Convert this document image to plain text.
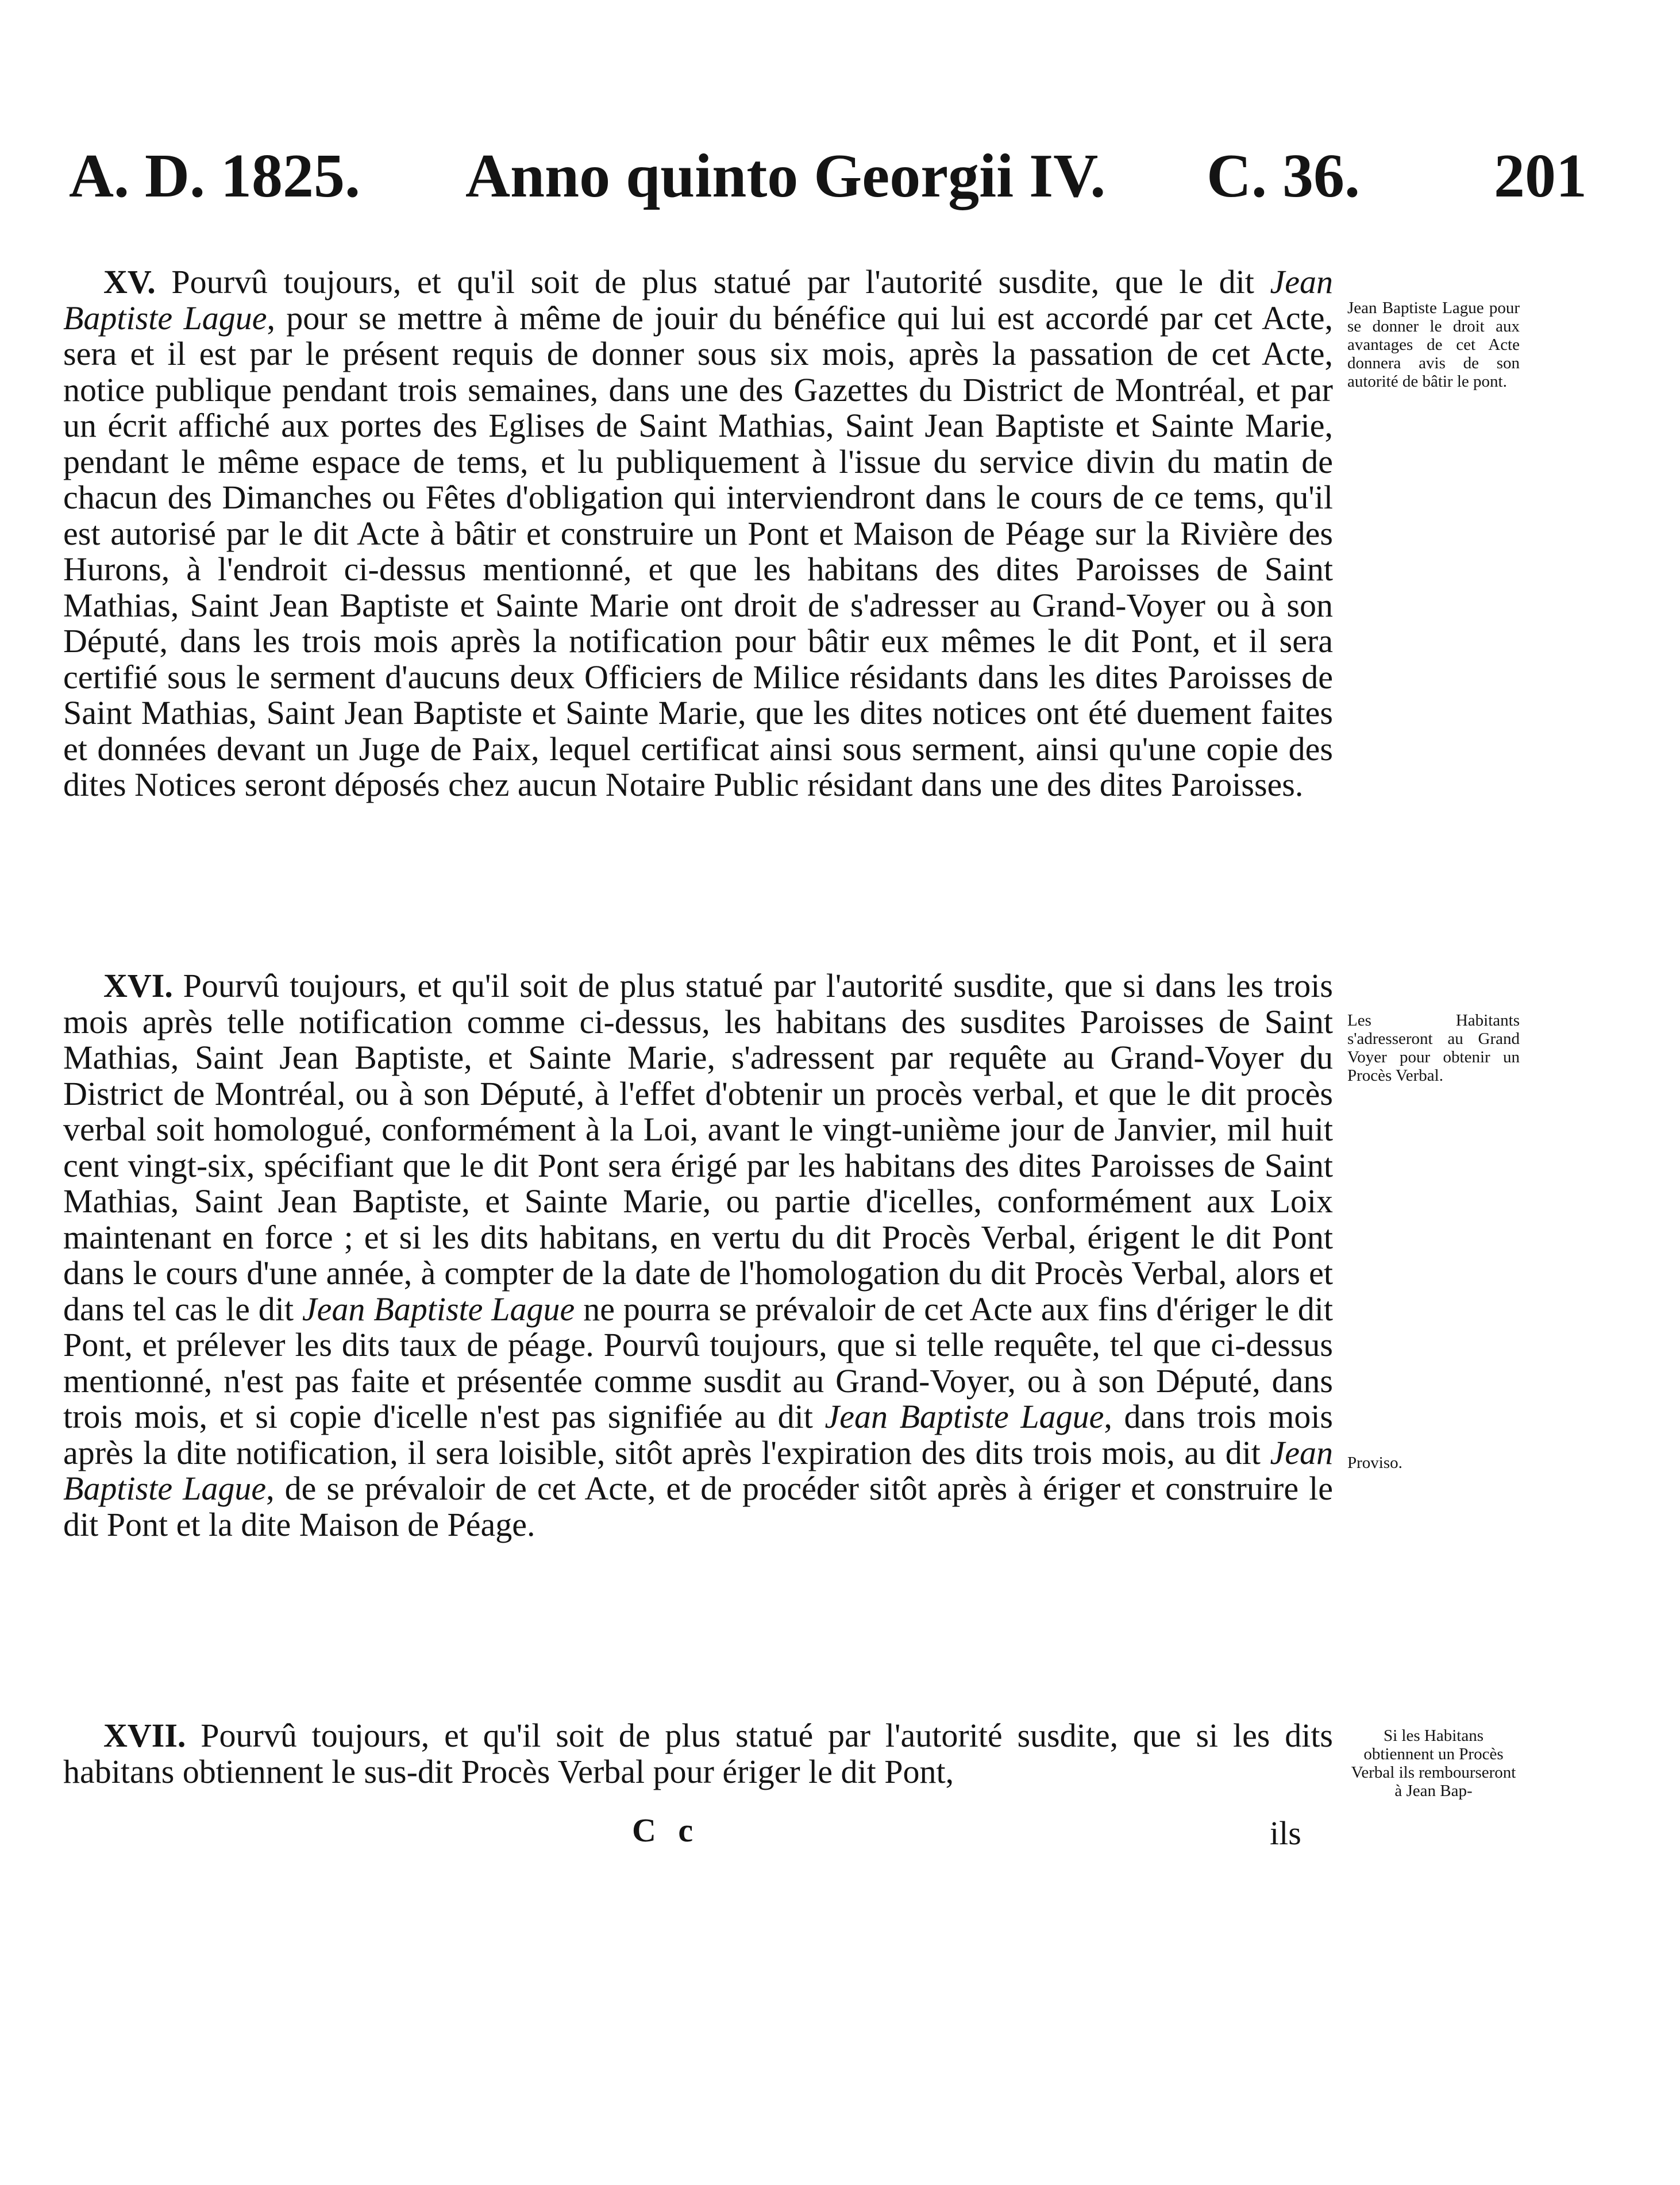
A. D. 1825. Anno quinto Georgii IV. C. 36. 201

XV. Pourvû toujours, et qu'il soit de plus statué par l'autorité susdite, que le dit Jean Baptiste Lague, pour se mettre à même de jouir du bénéfice qui lui est accordé par cet Acte, sera et il est par le présent requis de donner sous six mois, après la passation de cet Acte, notice publique pendant trois semaines, dans une des Gazettes du District de Montréal, et par un écrit affiché aux portes des Eglises de Saint Mathias, Saint Jean Baptiste et Sainte Marie, pendant le même espace de tems, et lu publiquement à l'issue du service divin du matin de chacun des Dimanches ou Fêtes d'obligation qui interviendront dans le cours de ce tems, qu'il est autorisé par le dit Acte à bâtir et construire un Pont et Maison de Péage sur la Rivière des Hurons, à l'endroit ci-dessus mentionné, et que les habitans des dites Paroisses de Saint Mathias, Saint Jean Baptiste et Sainte Marie ont droit de s'adresser au Grand-Voyer ou à son Député, dans les trois mois après la notification pour bâtir eux mêmes le dit Pont, et il sera certifié sous le serment d'aucuns deux Officiers de Milice résidants dans les dites Paroisses de Saint Mathias, Saint Jean Baptiste et Sainte Marie, que les dites notices ont été duement faites et données devant un Juge de Paix, lequel certificat ainsi sous serment, ainsi qu'une copie des dites Notices seront déposés chez aucun Notaire Public résidant dans une des dites Paroisses.

Jean Baptiste Lague pour se donner le droit aux avantages de cet Acte donnera avis de son autorité de bâtir le pont.

XVI. Pourvû toujours, et qu'il soit de plus statué par l'autorité susdite, que si dans les trois mois après telle notification comme ci-dessus, les habitans des susdites Paroisses de Saint Mathias, Saint Jean Baptiste, et Sainte Marie, s'adressent par requête au Grand-Voyer du District de Montréal, ou à son Député, à l'effet d'obtenir un procès verbal, et que le dit procès verbal soit homologué, conformément à la Loi, avant le vingt-unième jour de Janvier, mil huit cent vingt-six, spécifiant que le dit Pont sera érigé par les habitans des dites Paroisses de Saint Mathias, Saint Jean Baptiste, et Sainte Marie, ou partie d'icelles, conformément aux Loix maintenant en force ; et si les dits habitans, en vertu du dit Procès Verbal, érigent le dit Pont dans le cours d'une année, à compter de la date de l'homologation du dit Procès Verbal, alors et dans tel cas le dit Jean Baptiste Lague ne pourra se prévaloir de cet Acte aux fins d'ériger le dit Pont, et prélever les dits taux de péage. Pourvû toujours, que si telle requête, tel que ci-dessus mentionné, n'est pas faite et présentée comme susdit au Grand-Voyer, ou à son Député, dans trois mois, et si copie d'icelle n'est pas signifiée au dit Jean Baptiste Lague, dans trois mois après la dite notification, il sera loisible, sitôt après l'expiration des dits trois mois, au dit Jean Baptiste Lague, de se prévaloir de cet Acte, et de procéder sitôt après à ériger et construire le dit Pont et la dite Maison de Péage.

Les Habitants s'adresseront au Grand Voyer pour obtenir un Procès Verbal.
Proviso.

XVII. Pourvû toujours, et qu'il soit de plus statué par l'autorité susdite, que si les dits habitans obtiennent le sus-dit Procès Verbal pour ériger le dit Pont,

Si les Habitans obtiennent un Procès Verbal ils rembourseront à Jean Bap-
C c	ils
